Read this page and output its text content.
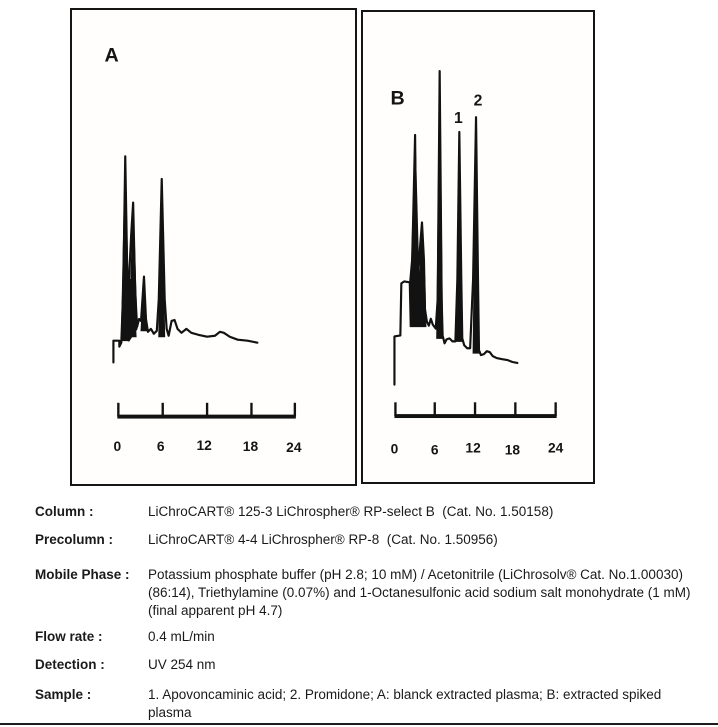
A
0	6 12 18 24
B
1
2
0 6 12 18 24
Column :	LiChroCART® 125-3 LiChrospher® RP-select B  (Cat. No. 1.50158)
Precolumn :	LiChroCART® 4-4 LiChrospher® RP-8  (Cat. No. 1.50956)
Mobile Phase :	Potassium phosphate buffer (pH 2.8; 10 mM) / Acetonitrile (LiChrosolv® Cat. No.1.00030) (86:14), Triethylamine (0.07%) and 1-Octanesulfonic acid sodium salt monohydrate (1 mM) (final apparent pH 4.7)
Flow rate :	0.4 mL/min
Detection :	UV 254 nm
Sample :	1. Apovoncaminic acid; 2. Promidone; A: blanck extracted plasma; B: extracted spiked plasma
